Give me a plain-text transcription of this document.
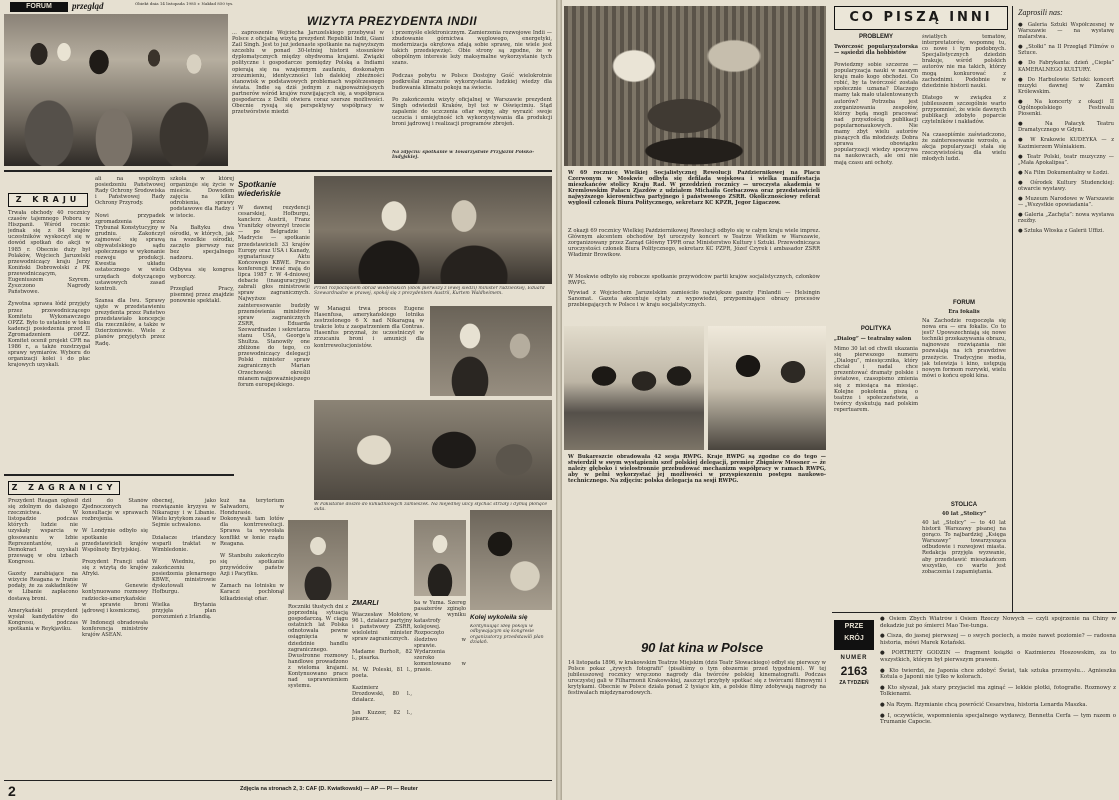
FORUM	przegląd	Obiekt dnia 14 listopada 1985 r. Nakład 850 tys.
WIZYTA PREZYDENTA INDII
... zaproszenie Wojciecha Jaruzelskiego przebywał w Polsce z oficjalną wizytą prezydent Republiki Indii, Giani Zail Singh. Jest to już jedenaste spotkanie na najwyższym szczeblu w ponad 30-letniej historii stosunków dyplomatycznych między obydwoma krajami. Związki polityczne i gospodarcze pomiędzy Polską a Indiami opierają się na wzajemnym zaufaniu, doskonałym zrozumieniu, identyczności lub dalekiej zbieżności stanowisk w podstawowych problemach współczesnego świata. Indie są dziś jednym z najpoważniejszych partnerów wśród krajów rozwijających się, a współpraca gospodarcza z Delhi otwiera coraz szersze możliwości. Obecnie rysują się perspektywy współpracy w przetwórstwie miedzi
i przemyśle elektronicznym. Zamierzenia rozwojowe Indii — zbudowanie górnictwa węglowego, energetyki, modernizacja okrętowa zdają sobie sprawę, nie wiele jest takich przedsięwzięć. Obie strony są zgodne, że w obopólnym interesie leży maksymalne wykorzystanie tych szans.

Podczas pobytu w Polsce Dostojny Gość wielokrotnie podkreślał znaczenie wykorzystania ludzkiej wiedzy dla budowania klimatu pokoju na świecie.

Po zakończeniu wizyty oficjalnej w Warszawie prezydent Singh odwiedził Kraków, był też w Oświęcimiu. Stąd zapalenie do uczczenia ofiar wojny, aby wyrazić swoje uczucia i umiejętność ich wykorzystywania dla produkcji broni jądrowej i realizacji programów zbrojeń.
Na zdjęciu: spotkanie w Towarzystwie Przyjaźni Polsko-Indyjskiej.
Z KRAJU
Trwała obchody 40 rocznicy czasów tajemnego Poboru w Hiszpanii. Wśród rocznic jednak się z 84 krajów uczestników wyskoczył się w dowód spotkań do akcji w 1985 r. Obecnie duży był Polaków, Wojciech Jaruzelski przewodniczący kraju Jerzy Koniński Dobrowolski z PK przewodniczącym, Eugeniuszem Szyrem. Zyszczono Nagrody Państwowe.

Żywotna sprawa łódź przyjęty przez przewodniczącego Komitetu Wykonawczego OPZZ. Było to ustalenie w toku kadencji posiedzenia przed II Zgromadzeniem OPZZ. Komitet ocenił projekt CPR na 1986 r., a także rozstrzygał sprawy wymiarów. Wyboru do organizacji kolei i do płac krajowych uzyskali.
ali na wspólnym posiedzeniu Państwowej Rady Ochrony Środowiska i Państwowej Rady Ochrony Przyrody.

Nowi przypadek zgromadzenia przez Trybunał Konstytucyjny w grudniu. Zakończył zajmować się sprawą obywatelskiego sądu społecznego w wykonanie rozwoju produkcji. Kwestia układu ostatecznego w wielu urzędach dotyczącego ustawowych zasad kontroli.

Szansa dla Iwu. Sprawy ujęte w przedstawieniu prezydenta przez Państwo przedstawiało koncepcje dla rzeczników, a także w Dzierżoniowie. Wiele z planów przyjętych przez Radę.
szkoła w której organizuje się życie w mieście. Dowodem zajęcia na kilku odrobienia, sprawy podstawowe dla Radzy i w istocie.

Na Bałtyku dwa ośrodki, w których, jak na wszelkie ośrodki, zaczęto pierwszy raz bez specjalnego nadzoru.

Odbywa się kongres wyborczy.

Przegląd Pracy, pisemnej przez znajdzie ponownie spektakl.
Spotkanie wiedeńskie
W dawnej rezydencji cesarskiej, Hofburgu, kanclerz Austrii, Franz Vranitzky otworzył trzecie — po Belgradzie i Madrycie — spotkanie przedstawicieli 33 krajów Europy oraz USA i Kanady, sygnatariuszy Aktu Końcowego KBWE. Prace konferencji trwać mają do lipca 1987 r. W 4-dniowej debacie (inauguracyjnej) zabrali głos ministrowie spraw zagranicznych. Najwyższe zainteresowanie budziły przemówienia ministrów spraw zagranicznych ZSRR, Eduarda Szewardnadze i sekretarza stanu USA, George'a Shultza. Stanowiły one zbliżone do tego, co przewodniczący delegacji Polski minister spraw zagranicznych Marian Orzechowski określił mianem najpoważniejszego forum europejskiego.
Przed rozpoczęciem obrad wiedeńskich (obok pierwszy z lewej siedzi) minister radzieckiej, Eduard Szewardnadze w prawej, spokój się z prezydentem Austrii, Kurtem Waldheimem.
W Managui trwa proces Eugene Hasenfusa, amerykańskiego lotnika zestrzelonego 6 X nad Nikaraguą w trakcie lotu z zaopatrzeniem dla Contras. Hasenfus przyznał, że uczestniczył w zrzucaniu broni i amunicji dla kontrrewolucjonistów.
W Pakistanie doszło do kilkudniowych zamieszek. Na niejednej ulicy słychać strzały i dymią płonące auta.
Z ZAGRANICY
Prezydent Reagan ogłosił się zdolnym do dalszego rzecznictwa. W listopadzie podczas których ludzie nie uzyskały wsparcia w głosowaniu w Izbie Reprezentantów, a Demokraci uzyskali przewagę w obu izbach Kongresu.

Gazety zarabiające na wizycie Reagana w Iranie podały, że za zakładników w Libanie zapłacono dostawą broni.

Amerykański prezydent wysłał kandydatów do Kongresu, podczas spotkania w Reykjaviku.
dził do Stanów Zjednoczonych na konsultacje w sprawach rozbrojenia.

W Londynie odbyło się spotkanie przedstawicieli krajów Wspólnoty Brytyjskiej.

Prezydent Francji udał się z wizytą do krajów Afryki.

W Genewie kontynuowano rozmowy radziecko-amerykańskie w sprawie broni jądrowej i kosmicznej.

W Indonezji obradowała konferencja ministrów krajów ASEAN.
obecnej, jako rozwiązanie kryzysu w Nikaraguy i w Libanie. Wielu krytykom zasad w Sejmie uchwalono.

Działacze irlandzcy wsparli traktat w Wimbledonie.

W Wiedniu, po zakończeniu posiedzenia plenarnego KBWE, ministrowie dyskutowali w Hofburgu.

Wielka Brytania przyjęła plan porozumień z Irlandią.
kuż na terytorium Salwadoru, w Hondurasie. Dokonywali tam lotów dla kontrrewolucji. Sprawa ta wywołała konflikt w łonie rządu Reagana.

W Stanbułu zakończyło się spotkanie przywódców państw Azji i Pacyfiku.

Zamach na lotnisku w Karaczi pochłonął kilkadziesiąt ofiar.
Roczniki tłustych dni z poprzednią sytuacją gospodarczą. W ciągu ostatnich lat Polska odnotowała pewne osiągnięcia w dziedzinie handlu zagranicznego. Dwustronne rozmowy handlowe prowadzono z wieloma krajami. Kontynuowano prace nad usprawnieniem systemu.
ZMARLI
Wiaczesław Mołotow, 96 l., działacz partyjny i państwowy ZSRR, wieloletni minister spraw zagranicznych.

Madame Burholt, 82 l., pisarka.

M. W. Poleski, 81 l., poeta.

Kazimierz Drozdowski, 80 l., działacz.

Jan Kuzzer, 82 l., pisarz.
ka w Yuma. Szereg pasażerów zginęło w wyniku katastrofy kolejowej. Rozpoczęto śledztwo w sprawie. Wydarzenia szeroko komentowano w prasie.
Kolej wykoleiła się
Kontynuując ideę pokoju w odbywającym się kongresie organizatorzy przedstawili plan działań.
2	Zdjęcia na stronach 2, 3: CAF (D. Kwiatkowski) — AP — PI — Reuter
W 69 rocznicę Wielkiej Socjalistycznej Rewolucji Październikowej na Placu Czerwonym w Moskwie odbyła się defilada wojskowa i wielka manifestacja mieszkańców stolicy Kraju Rad. W przeddzień rocznicy — uroczysta akademia w Kremlowskim Pałacu Zjazdów z udziałem Michaiła Gorbaczowa oraz przedstawicieli najwyższego kierownictwa partyjnego i państwowego ZSRR. Okolicznościowy referat wygłosił członek Biura Politycznego, sekretarz KC KPZR, Jegor Ligaczow.
Z okazji 69 rocznicy Wielkiej Październikowej Rewolucji odbyło się w całym kraju wiele imprez. Głównym akcentem obchodów był uroczysty koncert w Teatrze Wielkim w Warszawie, zorganizowany przez Zarząd Główny TPPR oraz Ministerstwo Kultury i Sztuki. Przewodnicząca uroczystości członek Biura Politycznego, sekretarz KC PZPR, Józef Czyrek i ambasador ZSRR Władimir Browikow.
W Moskwie odbyło się robocze spotkanie przywódców partii krajów socjalistycznych, członków RWPG.
Wywiad z Wojciechem Jaruzelskim zamieściło największe gazety Finlandii — Helsingin Sanomat. Gazeta akcentuje cytaty z wypowiedzi, przypominające obrazy procesów przebiegających w Polsce i w kraju socjalistycznych.
W Bukareszcie obradowała 42 sesja RWPG. Kraje RWPG są zgodne co do tego — stwierdził w swym wystąpieniu szef polskiej delegacji, premier Zbigniew Messner — że należy głęboko i wielostronnie przebudować mechanizm współpracy w ramach RWPG, aby w pełni wykorzystać jej możliwości w przyspieszeniu postępu naukowo-technicznego. Na zdjęciu: polska delegacja na sesji RWPG.
90 lat kina w Polsce
14 listopada 1896, w krakowskim Teatrze Miejskim (dziś Teatr Słowackiego) odbył się pierwszy w Polsce pokaz „żywych fotografii” (pisaliśmy o tym obszernie przed tygodniem). W tej jubileuszowej rocznicy wręczono nagrody dla twórców polskiej kinematografii. Podczas uroczystej gali w Filharmonii Krakowskiej, zaszczyt przybyły spotkać się z twórcami filmowymi i krytykami. Obecnie w Polsce działa ponad 2 tysiące kin, a polskie filmy zdobywają nagrody na festiwalach międzynarodowych.
CO PISZĄ INNI
PROBLEMY
Twórczość popularyzatorska — sąsiedzi dla hobbistów
Powiedzmy sobie szczerze — popularyzacja nauki w naszym kraju mało kogo obchodzi. Co robić, by ta twórczość została społecznie uznana? Dlaczego mamy tak mało utalentowanych autorów? Potrzeba jest zorganizowania zespołów, którzy będą mogli pracować nad przyszłością publikacji popularnonaukowych. Nie mamy zbyt wielu autorów piszących dla młodzieży. Dobra sprawa obowiązku popularyzacji wiedzy spoczywa na naukowcach, ale oni nie mają czasu ani ochoty.
światłych tematów, interpretatorów, wspomnę tu, co nowe i tym podobnych. Specjalistycznych dziedzin brakuje, wśród polskich autorów nie ma takich, którzy mogą konkurować z zachodnimi. Podobnie w dziedzinie historii nauki.

Dlatego w związku z jubileuszem szczególnie warto przypomnieć, że wiele dawnych publikacji zdobyło poparcie czytelników i nakładów.

Na czasopiśmie zaświadczono, że zainteresowanie wzrosło, a akcja popularyzacji stała się rzeczywistością dla wielu młodych ludzi.
FORUM
Era fokalis
Na Zachodzie rozpoczęła się nowa era — era fokalis. Co to jest? Upowszechniają się nowe techniki przekazywania obrazu, najnowsze rozwiązania nie pozwalają na ich prawdziwe przeżycie. Tradycyjne media, jak telewizja i kino, ustępują nowym formom rozrywki, wielu mówi o końcu epoki kina.
POLITYKA
„Dialog” — teatralny salon
Mimo 30 lat od chwili ukazania się pierwszego numeru „Dialogu”, miesięcznika, który chciał i nadal chce prezentować dramaty polskie i światowe, czasopismo zmienia się z miesiąca na miesiąc. Kolejne pokolenia piszą o teatrze i społeczeństwie, a twórcy dyskutują nad polskim repertuarem.
STOLICA
40 lat „Stolicy”
40 lat „Stolicy” — to 40 lat historii Warszawy pisanej na gorąco. To najbardziej „Księga Warszawy” towarzysząca odbudowie i rozwojowi miasta. Redakcja przyjęła wyzwanie, aby przedstawić mieszkańcom wszystko, co warte jest zobaczenia i zapamiętania.
Zaprosili nas:

● Galeria Sztuki Współczesnej w Warszawie — na wystawę malarstwa.

● „Stołki” na II Przegląd Filmów o Sztuce.

● Do Fabrykanta: dzień „Ciepła” KAMERALNEGO KULTURY.

● Do Harbulowie Sztuki: koncert muzyki dawnej w Zamku Królewskim.

● Na koncerty z okazji II Ogólnopolskiego Festiwalu Piosenki.

● Na Pałacyk Teatru Dramatycznego w Gdyni.

● W Krakowie KUDEYKA — z Kazimierzem Wiśniakiem.

● Teatr Polski, teatr muzyczny — „Mała Apokalipsa”.

● Na Film Dokumentalny w Łodzi.

● Ośrodek Kultury Studenckiej: otwarcie wystawy.

● Muzeum Narodowe w Warszawie — „Wszystkie opowiadania”.

● Galeria „Zachęta”: nowa wystawa rzeźby.

● Sztuka Włoska z Galerii Uffizi.

PRZE
KRÓJ
NUMER
2163
ZA TYDZIEŃ

● Osiem Zbych Wiatrów i Osiem Rzeczy Nowych — czyli spojrzenie na Chiny w dekadzie już po śmierci Mao Tse-tunga.

● Cisza, do jasnej pierwszej — o swych pociech, a może nawet poziomie? — radosna historia, mówi Marek Kotański.

● PORTRETY GODZIN — fragment książki o Kazimierzu Hoszowskim, za to wszystkich, którym był pierwszym prawem.

● Kto twierdzi, że Japonia chce zdobyć Świat, tak sztuka przemysłu... Agnieszka Kotula o Japonii nie tylko w kolorach.

● Kto słyszał, jak stary przyjaciel ma zginąć — lekkie plotki, fotografie. Rozmowy z Tolkienami.

● Na Rzym. Rzymianie chcą powrócić Cesarstwa, historia Lenarda Maszka.

● I, oczywiście, wspomnienia specjalnego wydawcy, Bennetta Cerfa — tym razem o Trumanie Capocie.
